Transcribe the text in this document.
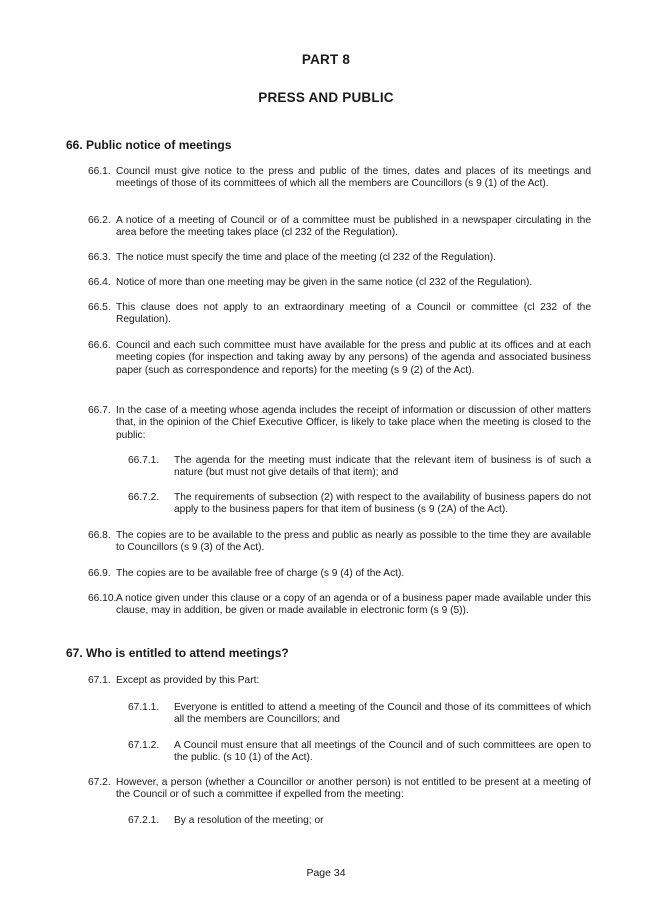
PART 8
PRESS AND PUBLIC
66. Public notice of meetings
66.1. Council must give notice to the press and public of the times, dates and places of its meetings and meetings of those of its committees of which all the members are Councillors (s 9 (1) of the Act).
66.2. A notice of a meeting of Council or of a committee must be published in a newspaper circulating in the area before the meeting takes place (cl 232 of the Regulation).
66.3. The notice must specify the time and place of the meeting (cl 232 of the Regulation).
66.4. Notice of more than one meeting may be given in the same notice (cl 232 of the Regulation).
66.5. This clause does not apply to an extraordinary meeting of a Council or committee (cl 232 of the Regulation).
66.6. Council and each such committee must have available for the press and public at its offices and at each meeting copies (for inspection and taking away by any persons) of the agenda and associated business paper (such as correspondence and reports) for the meeting (s 9 (2) of the Act).
66.7. In the case of a meeting whose agenda includes the receipt of information or discussion of other matters that, in the opinion of the Chief Executive Officer, is likely to take place when the meeting is closed to the public:
66.7.1. The agenda for the meeting must indicate that the relevant item of business is of such a nature (but must not give details of that item); and
66.7.2. The requirements of subsection (2) with respect to the availability of business papers do not apply to the business papers for that item of business (s 9 (2A) of the Act).
66.8. The copies are to be available to the press and public as nearly as possible to the time they are available to Councillors (s 9 (3) of the Act).
66.9. The copies are to be available free of charge (s 9 (4) of the Act).
66.10. A notice given under this clause or a copy of an agenda or of a business paper made available under this clause, may in addition, be given or made available in electronic form (s 9 (5)).
67. Who is entitled to attend meetings?
67.1. Except as provided by this Part:
67.1.1. Everyone is entitled to attend a meeting of the Council and those of its committees of which all the members are Councillors; and
67.1.2. A Council must ensure that all meetings of the Council and of such committees are open to the public. (s 10 (1) of the Act).
67.2. However, a person (whether a Councillor or another person) is not entitled to be present at a meeting of the Council or of such a committee if expelled from the meeting:
67.2.1. By a resolution of the meeting; or
Page 34
